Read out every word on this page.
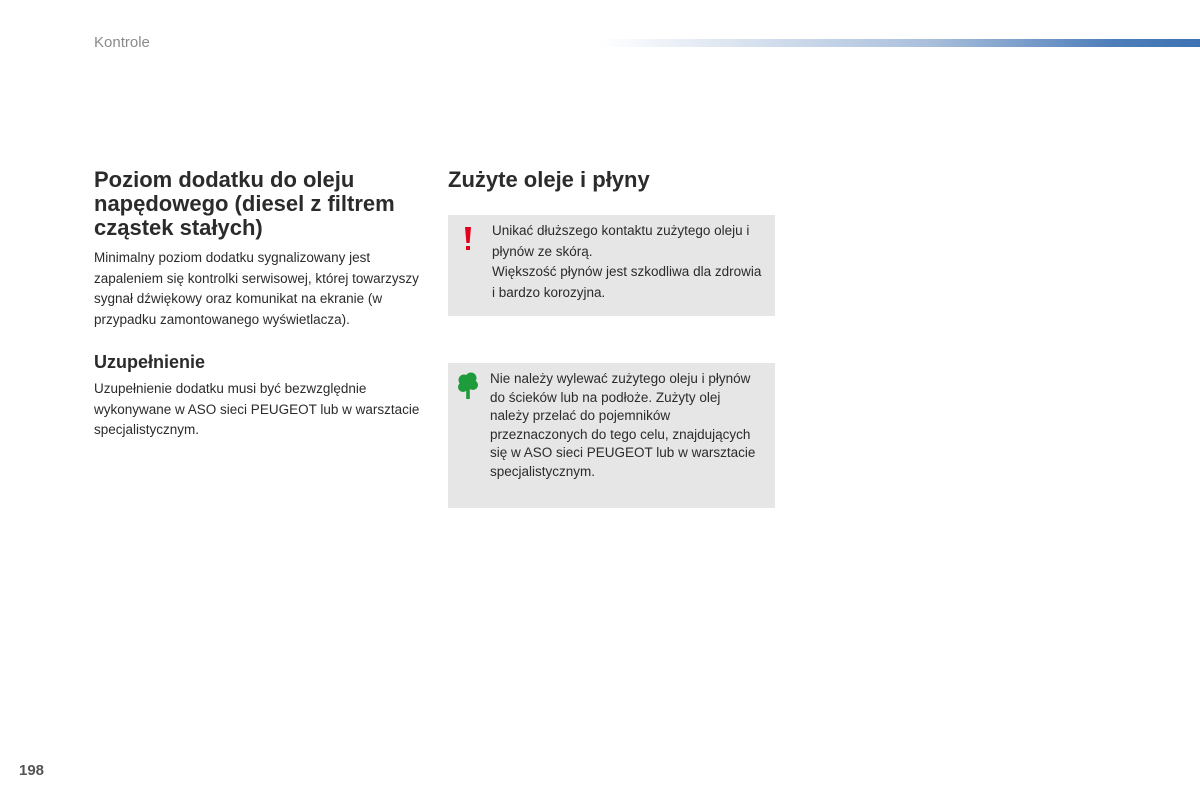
Kontrole
Poziom dodatku do oleju napędowego (diesel z filtrem cząstek stałych)

Minimalny poziom dodatku sygnalizowany jest zapaleniem się kontrolki serwisowej, której towarzyszy sygnał dźwiękowy oraz komunikat na ekranie (w przypadku zamontowanego wyświetlacza).

Uzupełnienie

Uzupełnienie dodatku musi być bezwzględnie wykonywane w ASO sieci PEUGEOT lub w warsztacie specjalistycznym.

Zużyte oleje i płyny
Unikać dłuższego kontaktu zużytego oleju i płynów ze skórą.
Większość płynów jest szkodliwa dla zdrowia i bardzo korozyjna.
Nie należy wylewać zużytego oleju i płynów do ścieków lub na podłoże. Zużyty olej należy przelać do pojemników przeznaczonych do tego celu, znajdujących się w ASO sieci PEUGEOT lub w warsztacie specjalistycznym.
198
